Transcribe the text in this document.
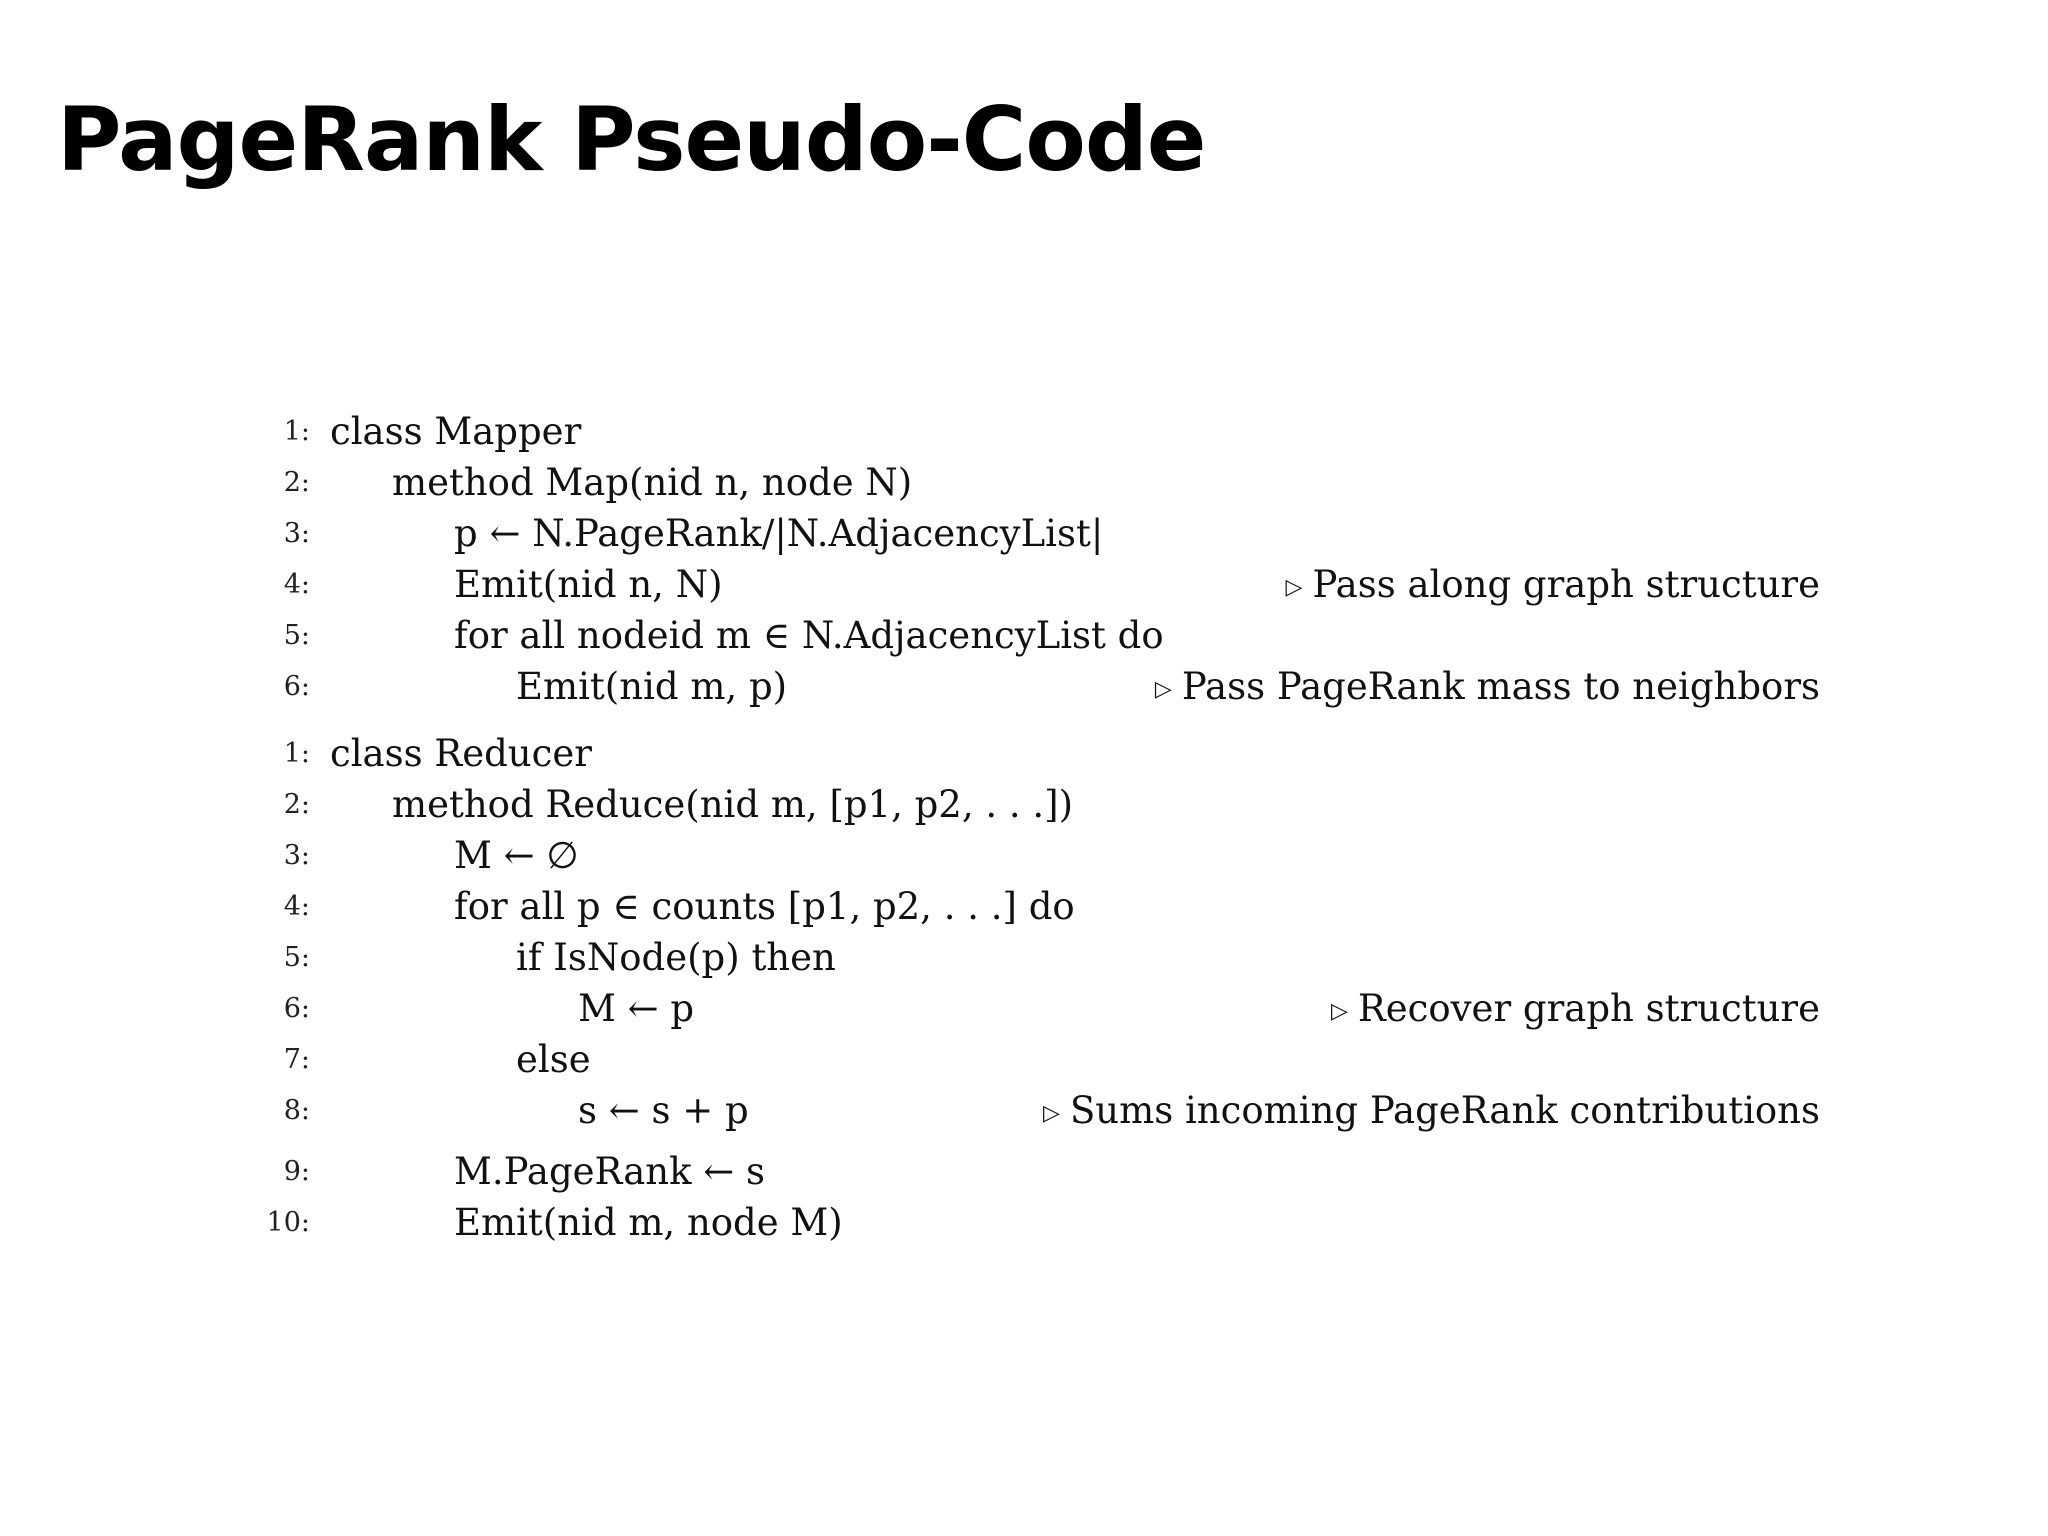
PageRank Pseudo-Code
1: class Mapper
2: method Map(nid n, node N)
3:	p ← N.PageRank/|N.AdjacencyList|
4:	Emit(nid n, N)	▷ Pass along graph structure
5:	for all nodeid m ∈ N.AdjacencyList do
6:	Emit(nid m, p)	▷ Pass PageRank mass to neighbors
1: class Reducer
2: method Reduce(nid m, [p1, p2, . . .])
3:	M ← ∅
4:	for all p ∈ counts [p1, p2, . . .] do
5:	if IsNode(p) then
6:	M ← p	▷ Recover graph structure
7:	else
8:	s ← s + p	▷ Sums incoming PageRank contributions
9:	M.PageRank ← s
10:	Emit(nid m, node M)
